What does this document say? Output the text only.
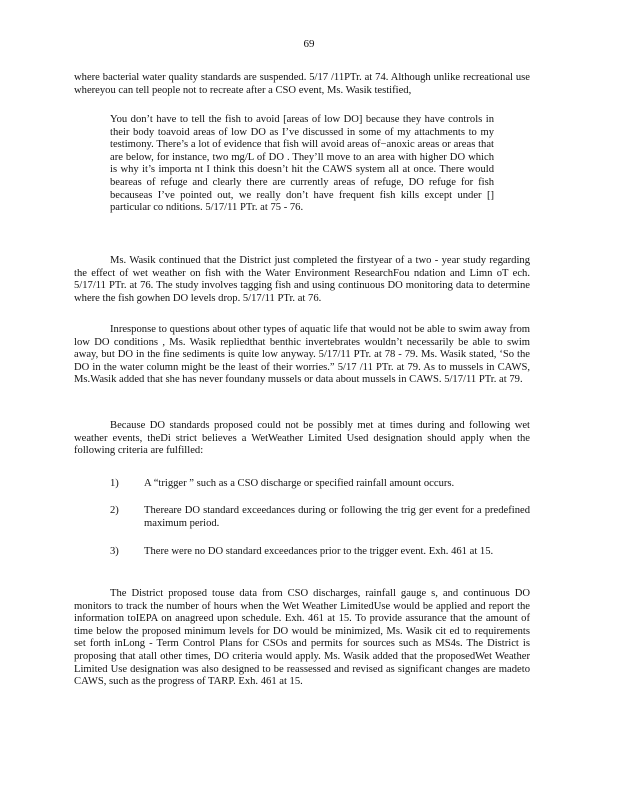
69
where bacterial water quality standards are suspended. 5/17 /11PTr. at 74. Although unlike recreational use whereyou can tell people not to recreate after a CSO event, Ms. Wasik testified,
You don’t have to tell the fish to avoid [areas of low DO] because they have controls in their body toavoid areas of low DO as I’ve discussed in some of my attachments to my testimony. There’s a lot of evidence that fish will avoid areas of−anoxic areas or areas that are below, for instance, two mg/L of DO . They’ll move to an area with higher DO which is why it’s importa nt I think this doesn’t hit the CAWS system all at once. There would beareas of refuge and clearly there are currently areas of refuge, DO refuge for fish becauseas I’ve pointed out, we really don’t have frequent fish kills except under [] particular co nditions. 5/17/11 PTr. at 75 - 76.

Ms. Wasik continued that the District just completed the firstyear of a two - year study regarding the effect of wet weather on fish with the Water Environment ResearchFou ndation and Limn oT ech. 5/17/11 PTr. at 76. The study involves tagging fish and using continuous DO monitoring data to determine where the fish gowhen DO levels drop. 5/17/11 PTr. at 76.

Inresponse to questions about other types of aquatic life that would not be able to swim away from low DO conditions , Ms. Wasik repliedthat benthic invertebrates wouldn’t necessarily be able to swim away, but DO in the fine sediments is quite low anyway. 5/17/11 PTr. at 78 - 79. Ms. Wasik stated, ‘So the DO in the water column might be the least of their worries.” 5/17 /11 PTr. at 79. As to mussels in CAWS, Ms.Wasik added that she has never foundany mussels or data about mussels in CAWS. 5/17/11 PTr. at 79.

Because DO standards proposed could not be possibly met at times during and following wet weather events, theDi strict believes a WetWeather Limited Used designation should apply when the following criteria are fulfilled:

1) A “trigger ” such as a CSO discharge or specified rainfall amount occurs.
2) Thereare DO standard exceedances during or following the trig ger event for a predefined maximum period.
3) There were no DO standard exceedances prior to the trigger event. Exh. 461 at 15.

The District proposed touse data from CSO discharges, rainfall gauge s, and continuous DO monitors to track the number of hours when the Wet Weather LimitedUse would be applied and report the information toIEPA on anagreed upon schedule. Exh. 461 at 15. To provide assurance that the amount of time below the proposed minimum levels for DO would be minimized, Ms. Wasik cit ed to requirements set forth inLong - Term Control Plans for CSOs and permits for sources such as MS4s. The District is proposing that atall other times, DO criteria would apply. Ms. Wasik added that the proposedWet Weather Limited Use designation was also designed to be reassessed and revised as significant changes are madeto CAWS, such as the progress of TARP. Exh. 461 at 15.
